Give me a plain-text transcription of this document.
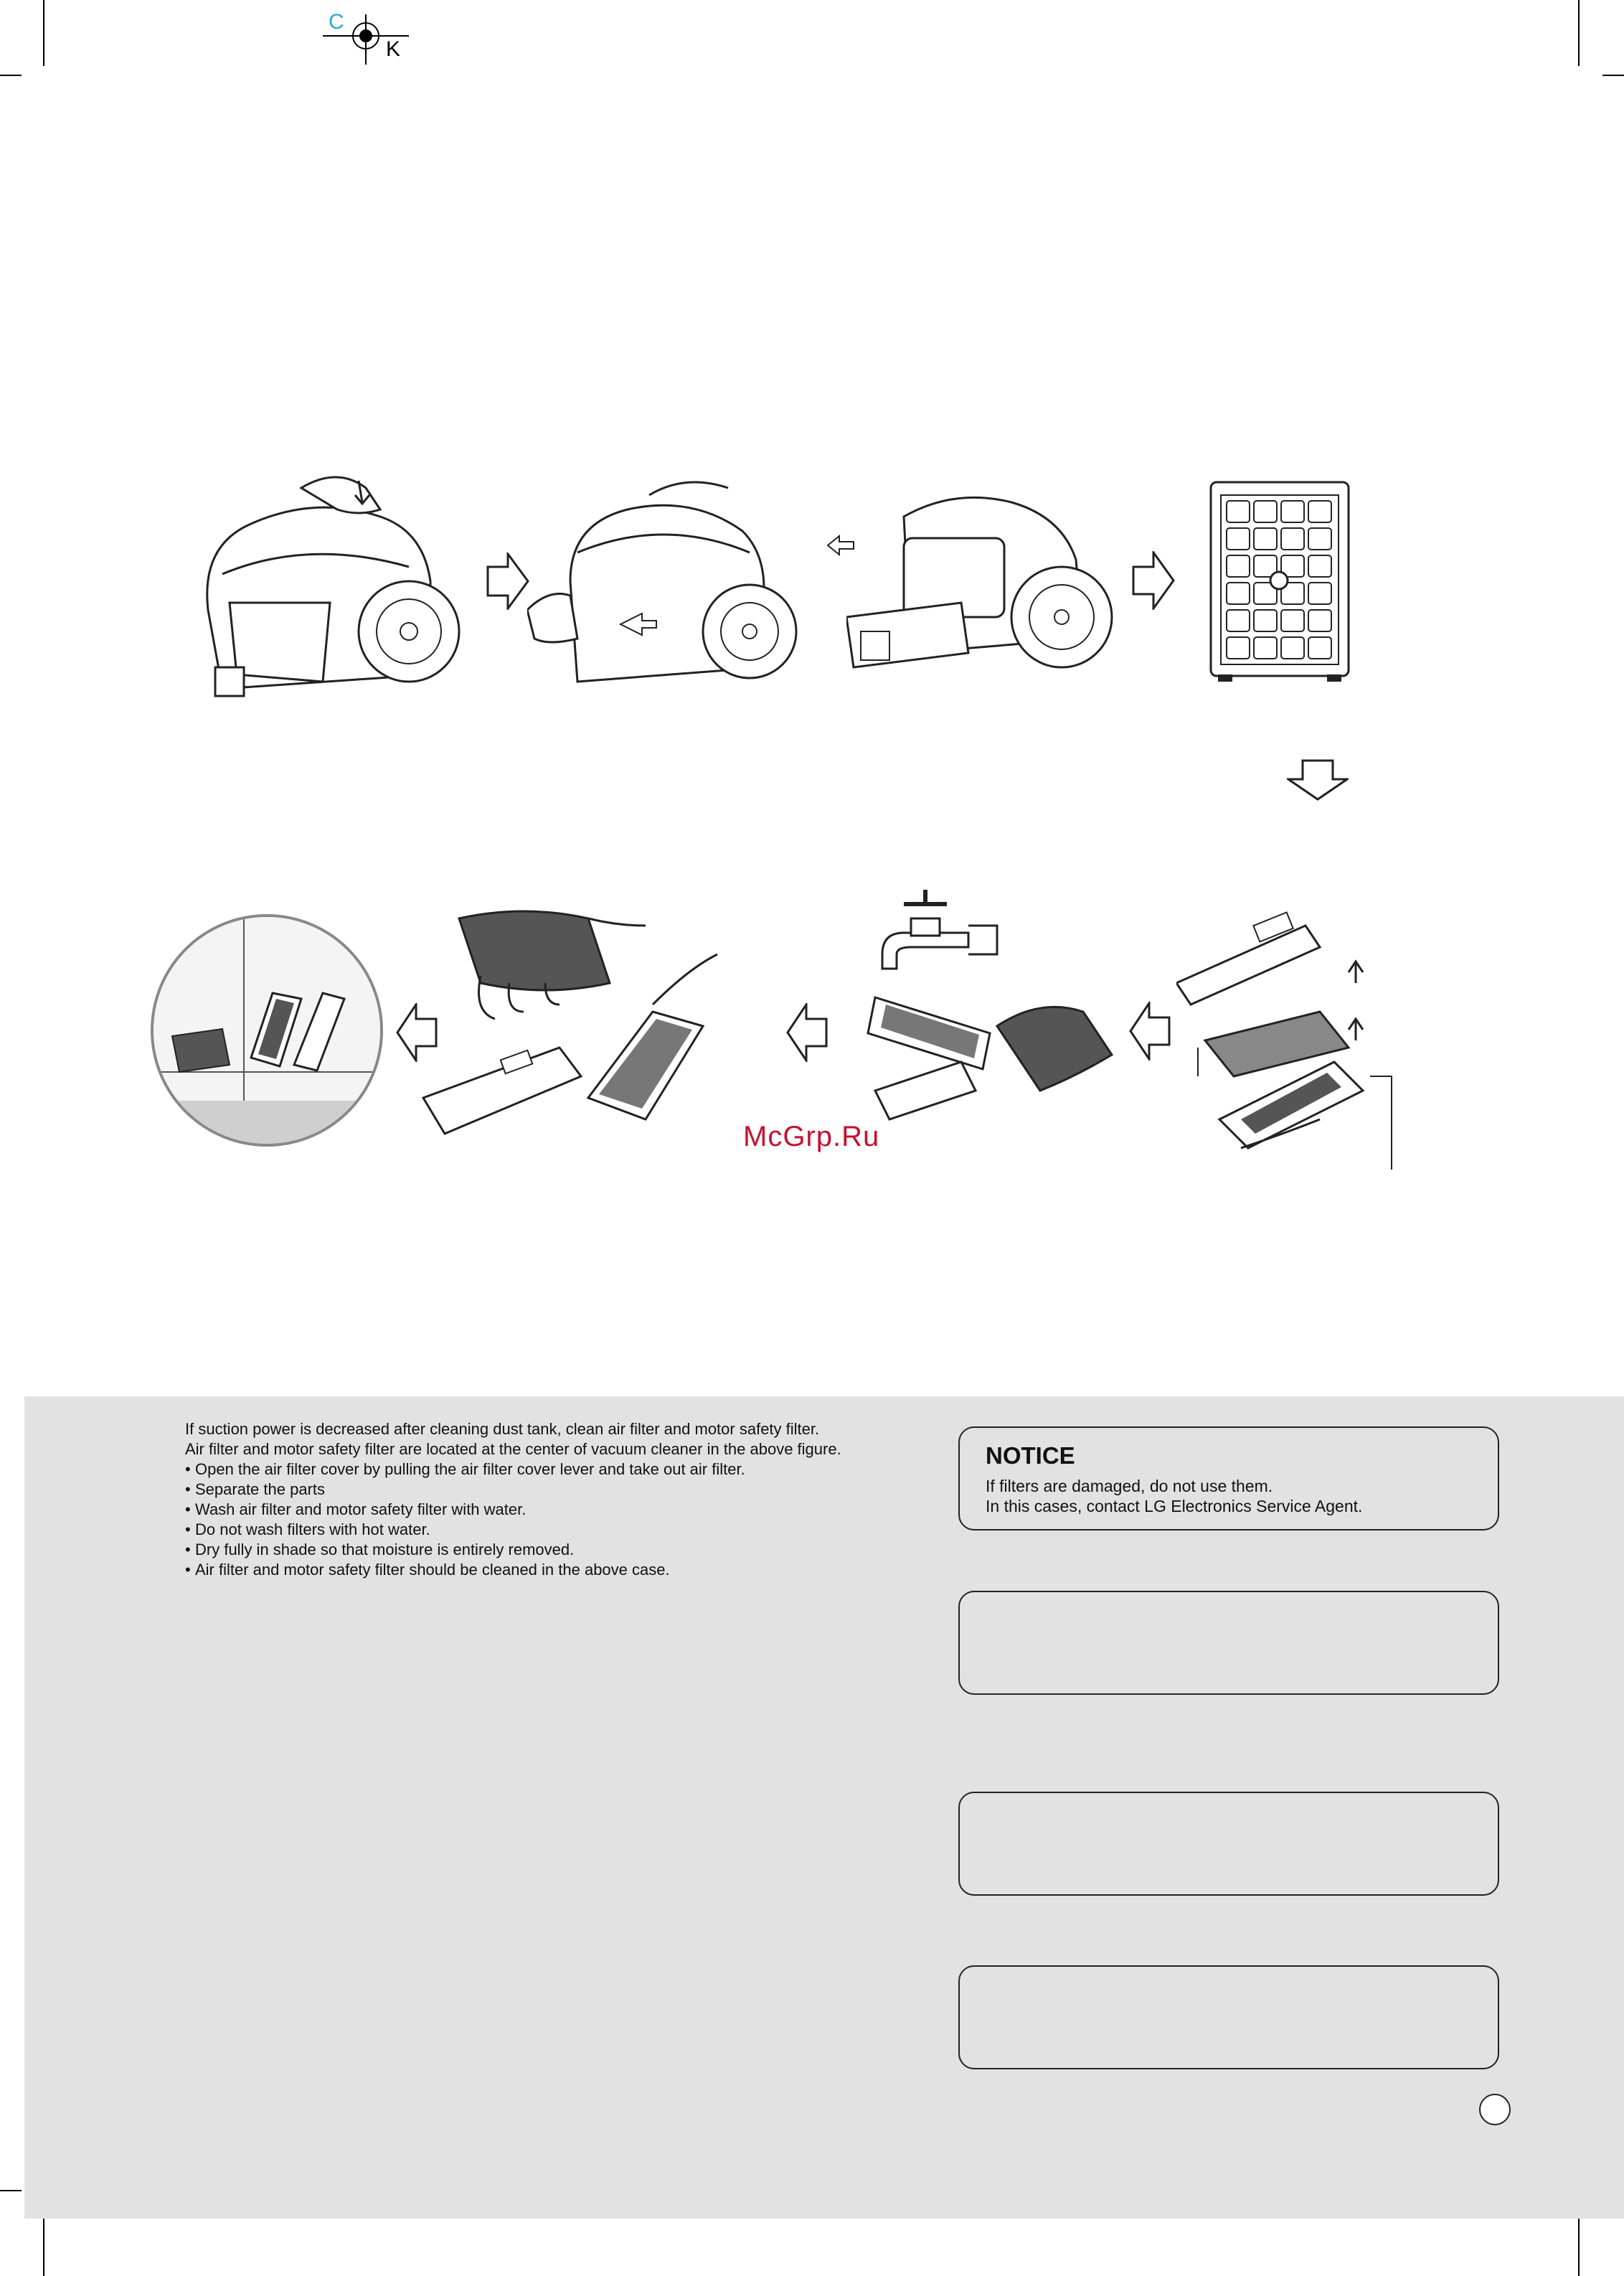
C
K
McGrp.Ru

If suction power is decreased after cleaning dust tank, clean air filter and motor safety filter.

Air filter and motor safety filter are located at the center of vacuum cleaner in the above figure.

• Open the air filter cover by pulling the air filter cover lever and take out air filter.
• Separate the parts
• Wash air filter and motor safety filter with water.
• Do not wash filters with hot water.
• Dry fully in shade so that moisture is entirely removed.
• Air filter and motor safety filter should be cleaned in the above case.
NOTICE
If filters are damaged, do not use them.
In this cases, contact LG Electronics Service Agent.
